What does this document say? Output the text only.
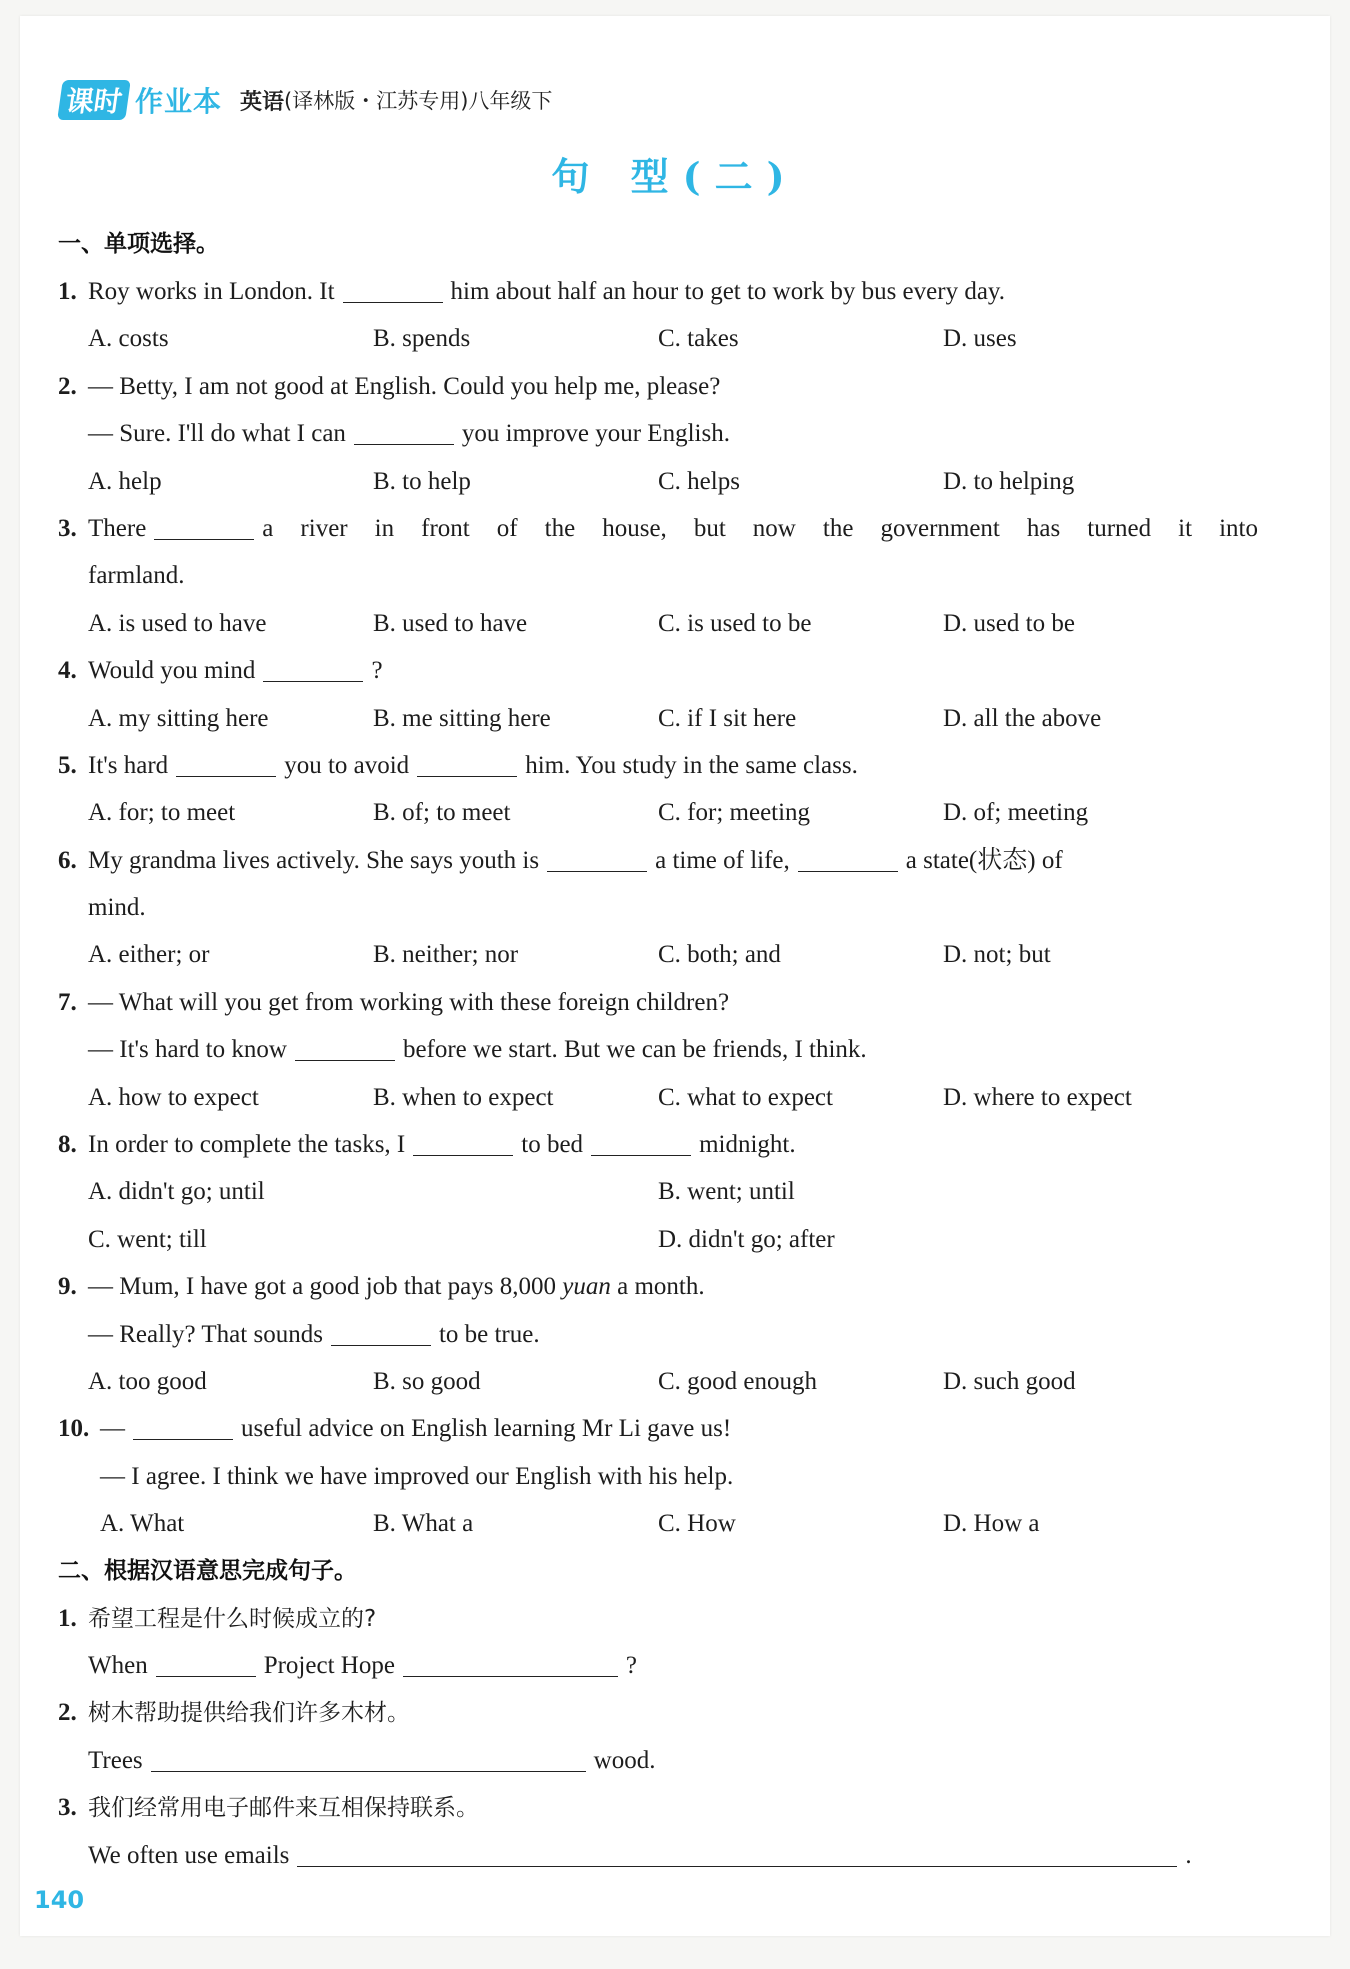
课时 作业本 英语 (译林版・江苏专用)八年级下
句 型(二)
一、单项选择。
1. Roy works in London. It	him about half an hour to get to work by bus every day.
A. costs	B. spends	C. takes	D. uses
2. — Betty, I am not good at English. Could you help me, please?
— Sure. I'll do what I can	you improve your English.
A. help	B. to help	C. helps	D. to helping
3. There	a river in front of the house, but now the government has turned it into
farmland.
A. is used to have	B. used to have	C. is used to be	D. used to be
4. Would you mind	?
A. my sitting here	B. me sitting here	C. if I sit here	D. all the above
5. It's hard	you to avoid	him. You study in the same class.
A. for; to meet	B. of; to meet	C. for; meeting	D. of; meeting
6. My grandma lives actively. She says youth is	a time of life,	a state(状态) of
mind.
A. either; or	B. neither; nor	C. both; and	D. not; but
7. — What will you get from working with these foreign children?
— It's hard to know	before we start. But we can be friends, I think.
A. how to expect	B. when to expect	C. what to expect	D. where to expect
8. In order to complete the tasks, I	to bed	midnight.
A. didn't go; until	B. went; until
C. went; till	D. didn't go; after
9. — Mum, I have got a good job that pays 8,000 yuan a month.
— Really? That sounds	to be true.
A. too good	B. so good	C. good enough	D. such good
10. —	useful advice on English learning Mr Li gave us!
— I agree. I think we have improved our English with his help.
A. What	B. What a	C. How	D. How a
二、根据汉语意思完成句子。
1. 希望工程是什么时候成立的?
When	Project Hope	?
2. 树木帮助提供给我们许多木材。
Trees	wood.
3. 我们经常用电子邮件来互相保持联系。
We often use emails	.
140
